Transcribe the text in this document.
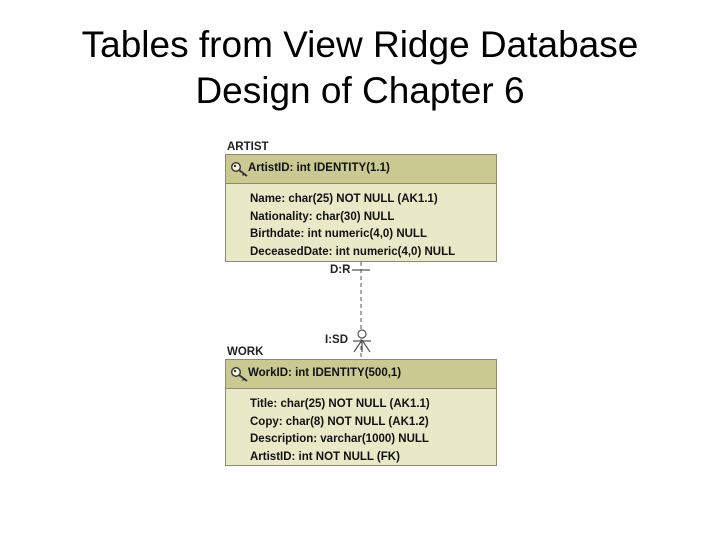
Tables from View Ridge Database
Design of Chapter 6
ARTIST
ArtistID: int IDENTITY(1.1)
Name: char(25) NOT NULL (AK1.1)
Nationality: char(30) NULL
Birthdate: int numeric(4,0) NULL
DeceasedDate: int numeric(4,0) NULL
D:R
I:SD
WORK
WorkID: int IDENTITY(500,1)
Title: char(25) NOT NULL (AK1.1)
Copy: char(8) NOT NULL (AK1.2)
Description: varchar(1000) NULL
ArtistID: int NOT NULL (FK)
